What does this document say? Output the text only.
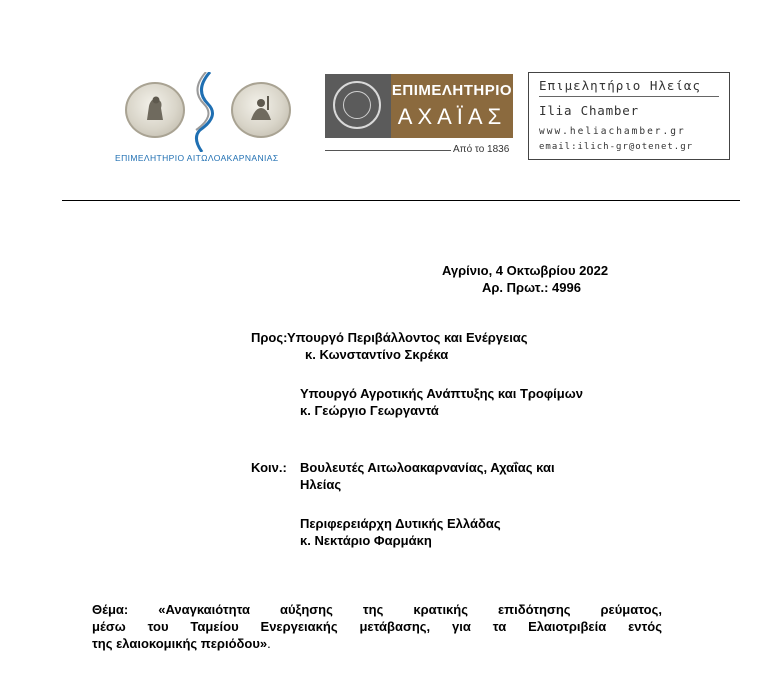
ΕΠΙΜΕΛΗΤΗΡΙΟ ΑΙΤΩΛΟΑΚΑΡΝΑΝΙΑΣ
ΕΠΙΜΕΛΗΤΗΡΙΟ
ΑΧΑΪΑΣ
Από το 1836
Επιμελητήριο Ηλείας
Ilia Chamber
www.heliachamber.gr
email:ilich-gr@otenet.gr
Αγρίνιο, 4 Οκτωβρίου 2022
Αρ. Πρωτ.: 4996
Προς: Υπουργό Περιβάλλοντος και Ενέργειας
κ. Κωνσταντίνο Σκρέκα
Υπουργό Αγροτικής Ανάπτυξης και Τροφίμων
κ. Γεώργιο Γεωργαντά
Κοιν.: Βουλευτές Αιτωλοακαρνανίας, Αχαΐας και
Ηλείας
Περιφερειάρχη Δυτικής Ελλάδας
κ. Νεκτάριο Φαρμάκη
Θέμα: «Αναγκαιότητα αύξησης της κρατικής επιδότησης ρεύματος,
μέσω του Ταμείου Ενεργειακής μετάβασης, για τα Ελαιοτριβεία εντός
της ελαιοκομικής περιόδου».
